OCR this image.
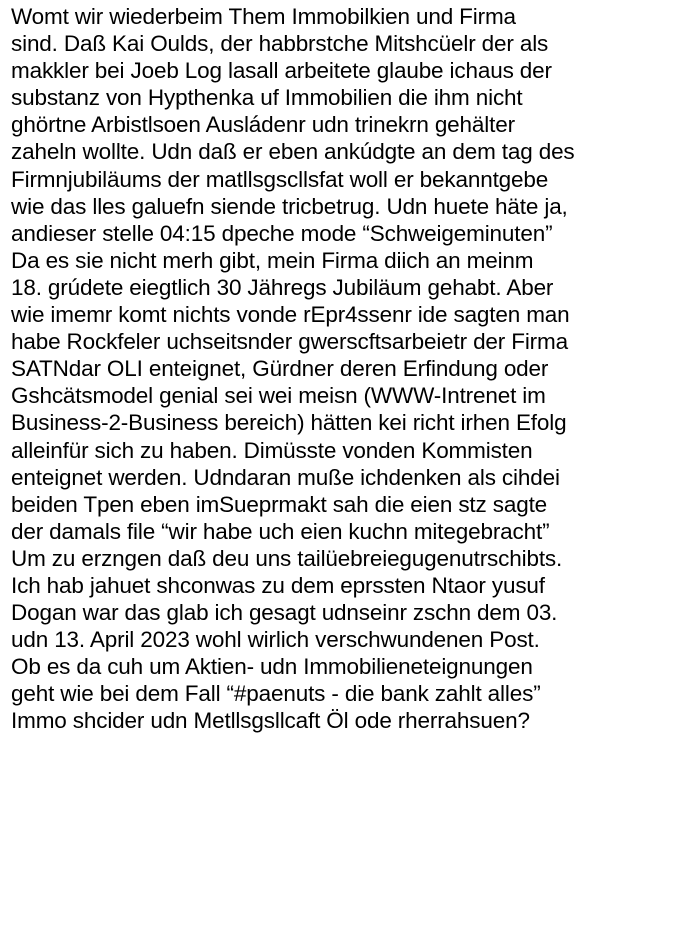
Womt wir wiederbeim Them Immobilkien und Firma
sind. Daß Kai Oulds, der habbrstche Mitshcüelr der als
makkler bei Joeb Log lasall arbeitete glaube ichaus der
substanz von Hypthenka uf Immobilien die ihm nicht
ghörtne Arbistlsoen Ausládenr udn trinekrn gehälter
zaheln wollte. Udn daß er eben ankúdgte an dem tag des
Firmnjubiläums der matllsgscllsfat woll er bekanntgebe
wie das lles galuefn siende tricbetrug. Udn huete häte ja,
andieser stelle 04:15 dpeche mode “Schweigeminuten”
Da es sie nicht merh gibt, mein Firma diich an meinm
18. grúdete eiegtlich 30 Jähregs Jubiläum gehabt. Aber
wie imemr komt nichts vonde rEpr4ssenr ide sagten man
habe Rockfeler uchseitsnder gwerscftsarbeietr der Firma
SATNdar OLI enteignet, Gürdner deren Erfindung oder
Gshcätsmodel genial sei wei meisn (WWW-Intrenet im
Business-2-Business bereich) hätten kei richt irhen Efolg
alleinfür sich zu haben. Dimüsste vonden Kommisten
enteignet werden. Udndaran muße ichdenken als cihdei
beiden Tpen eben imSueprmakt sah die eien stz sagte
der damals file “wir habe uch eien kuchn mitegebracht”
Um zu erzngen daß deu uns tailüebreiegugenutrschibts.
Ich hab jahuet shconwas zu dem eprssten Ntaor yusuf
Dogan war das glab ich gesagt udnseinr zschn dem 03.
udn 13. April 2023 wohl wirlich verschwundenen Post.
Ob es da cuh um Aktien- udn Immobilieneteignungen
geht wie bei dem Fall “#paenuts - die bank zahlt alles”
Immo shcider udn Metllsgsllcaft Öl ode rherrahsuen?
